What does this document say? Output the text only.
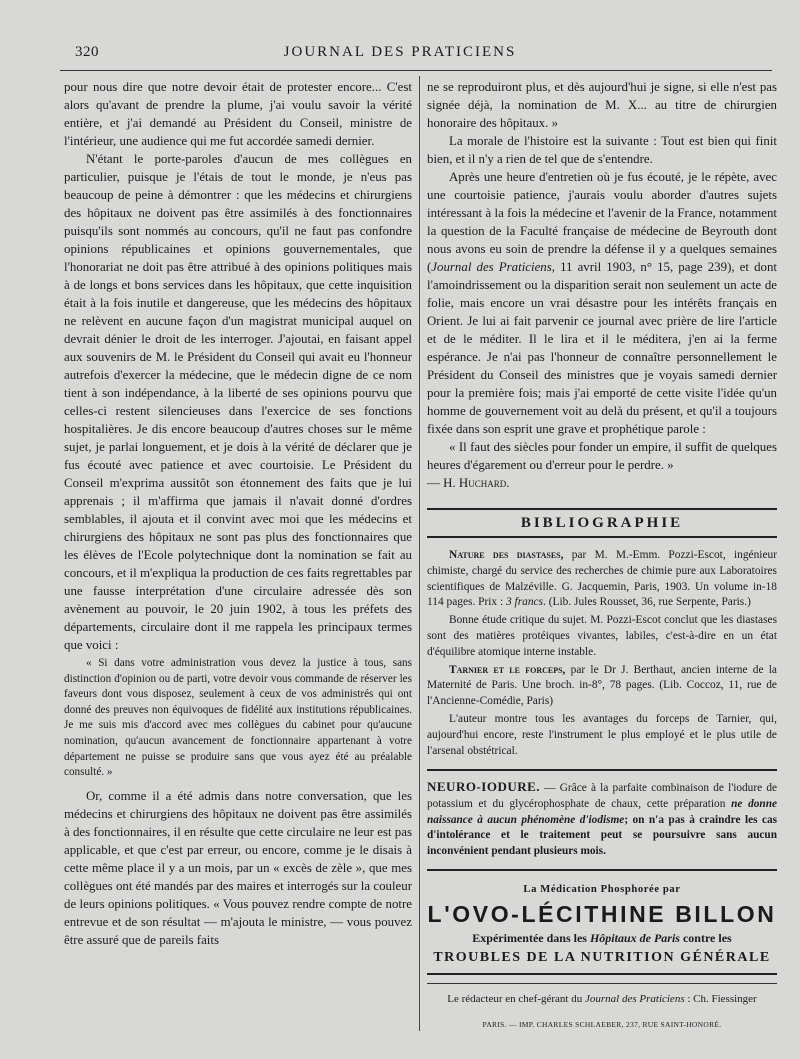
320	JOURNAL DES PRATICIENS

pour nous dire que notre devoir était de protester encore... C'est alors qu'avant de prendre la plume, j'ai voulu savoir la vérité entière, et j'ai demandé au Président du Conseil, ministre de l'intérieur, une audience qui me fut accordée samedi dernier.

N'étant le porte-paroles d'aucun de mes collègues en particulier, puisque je l'étais de tout le monde, je n'eus pas beaucoup de peine à démontrer : que les médecins et chirurgiens des hôpitaux ne doivent pas être assimilés à des fonctionnaires puisqu'ils sont nommés au concours, qu'il ne faut pas confondre opinions républicaines et opinions gouvernementales, que l'honorariat ne doit pas être attribué à des opinions politiques mais à de longs et bons services dans les hôpitaux, que cette inquisition était à la fois inutile et dangereuse, que les médecins des hôpitaux ne relèvent en aucune façon d'un magistrat municipal auquel on devrait dénier le droit de les interroger. J'ajoutai, en faisant appel aux souvenirs de M. le Président du Conseil qui avait eu l'honneur autrefois d'exercer la médecine, que le médecin digne de ce nom tient à son indépendance, à la liberté de ses opinions pourvu que celles-ci restent silencieuses dans l'exercice de ses fonctions hospitalières. Je dis encore beaucoup d'autres choses sur le même sujet, je parlai longuement, et je dois à la vérité de déclarer que je fus écouté avec patience et avec courtoisie. Le Président du Conseil m'exprima aussitôt son étonnement des faits que je lui apprenais ; il m'affirma que jamais il n'avait donné d'ordres semblables, il ajouta et il convint avec moi que les médecins et chirurgiens des hôpitaux ne sont pas plus des fonctionnaires que les élèves de l'Ecole polytechnique dont la nomination se fait au concours, et il m'expliqua la production de ces faits regrettables par une fausse interprétation d'une circulaire adressée dès son avènement au pouvoir, le 20 juin 1902, à tous les préfets des départements, circulaire dont il me rappela les principaux termes que voici :

« Si dans votre administration vous devez la justice à tous, sans distinction d'opinion ou de parti, votre devoir vous commande de réserver les faveurs dont vous disposez, seulement à ceux de vos administrés qui ont donné des preuves non équivoques de fidélité aux institutions républicaines. Je me suis mis d'accord avec mes collègues du cabinet pour qu'aucune nomination, qu'aucun avancement de fonctionnaire appartenant à votre département ne puisse se produire sans que vous ayez été au préalable consulté. »

Or, comme il a été admis dans notre conversation, que les médecins et chirurgiens des hôpitaux ne doivent pas être assimilés à des fonctionnaires, il en résulte que cette circulaire ne leur est pas applicable, et que c'est par erreur, ou encore, comme je le disais à cette même place il y a un mois, par un « excès de zèle », que mes collègues ont été mandés par des maires et interrogés sur la couleur de leurs opinions politiques. « Vous pouvez rendre compte de notre entrevue et de son résultat — m'ajouta le ministre, — vous pouvez être assuré que de pareils faits

ne se reproduiront plus, et dès aujourd'hui je signe, si elle n'est pas signée déjà, la nomination de M. X... au titre de chirurgien honoraire des hôpitaux. »

La morale de l'histoire est la suivante : Tout est bien qui finit bien, et il n'y a rien de tel que de s'entendre.

Après une heure d'entretien où je fus écouté, je le répète, avec une courtoisie patience, j'aurais voulu aborder d'autres sujets intéressant à la fois la médecine et l'avenir de la France, notamment la question de la Faculté française de médecine de Beyrouth dont nous avons eu soin de prendre la défense il y a quelques semaines (Journal des Praticiens, 11 avril 1903, n° 15, page 239), et dont l'amoindrissement ou la disparition serait non seulement un acte de folie, mais encore un vrai désastre pour les intérêts français en Orient. Je lui ai fait parvenir ce journal avec prière de lire l'article et de le méditer. Il le lira et il le méditera, j'en ai la ferme espérance. Je n'ai pas l'honneur de connaître personnellement le Président du Conseil des ministres que je voyais samedi dernier pour la première fois; mais j'ai emporté de cette visite l'idée qu'un homme de gouvernement voit au delà du présent, et qu'il a toujours fixée dans son esprit une grave et prophétique parole :

« Il faut des siècles pour fonder un empire, il suffit de quelques heures d'égarement ou d'erreur pour le perdre. »
— H. Huchard.

BIBLIOGRAPHIE

Nature des diastases, par M. M.-Emm. Pozzi-Escot, ingénieur chimiste, chargé du service des recherches de chimie pure aux Laboratoires scientifiques de Malzéville. G. Jacquemin, Paris, 1903. Un volume in-18 114 pages. Prix : 3 francs. (Lib. Jules Rousset, 36, rue Serpente, Paris.)

Bonne étude critique du sujet. M. Pozzi-Escot conclut que les diastases sont des matières protéiques vivantes, labiles, c'est-à-dire en un état d'équilibre atomique interne instable.

Tarnier et le forceps, par le Dr J. Berthaut, ancien interne de la Maternité de Paris. Une broch. in-8°, 78 pages. (Lib. Coccoz, 11, rue de l'Ancienne-Comédie, Paris)

L'auteur montre tous les avantages du forceps de Tarnier, qui, aujourd'hui encore, reste l'instrument le plus employé et le plus utile de l'arsenal obstétrical.

NEURO-IODURE. — Grâce à la parfaite combinaison de l'iodure de potassium et du glycérophosphate de chaux, cette préparation ne donne naissance à aucun phénomène d'iodisme; on n'a pas à craindre les cas d'intolérance et le traitement peut se poursuivre sans aucun inconvénient pendant plusieurs mois.

La Médication Phosphorée par
L'OVO-LÉCITHINE BILLON
Expérimentée dans les Hôpitaux de Paris contre les
TROUBLES DE LA NUTRITION GÉNÉRALE
Le rédacteur en chef-gérant du Journal des Praticiens : Ch. Fiessinger
PARIS. — IMP. CHARLES SCHLAEBER, 237, RUE SAINT-HONORÉ.
